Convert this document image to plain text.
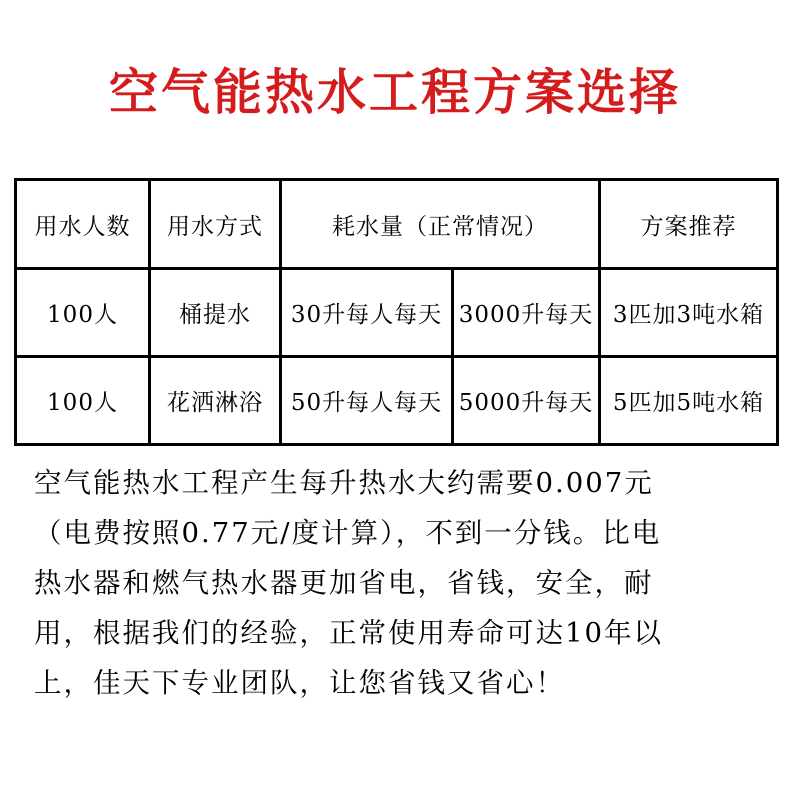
空气能热水工程方案选择
用水人数	用水方式	耗水量（正常情况）		方案推荐
100人	桶提水	30升每人每天	3000升每天	3匹加3吨水箱
100人	花洒淋浴	50升每人每天	5000升每天	5匹加5吨水箱
空气能热水工程产生每升热水大约需要0.007元
（电费按照0.77元/度计算），不到一分钱。比电
热水器和燃气热水器更加省电，省钱，安全，耐
用，根据我们的经验，正常使用寿命可达10年以
上，佳天下专业团队，让您省钱又省心！
